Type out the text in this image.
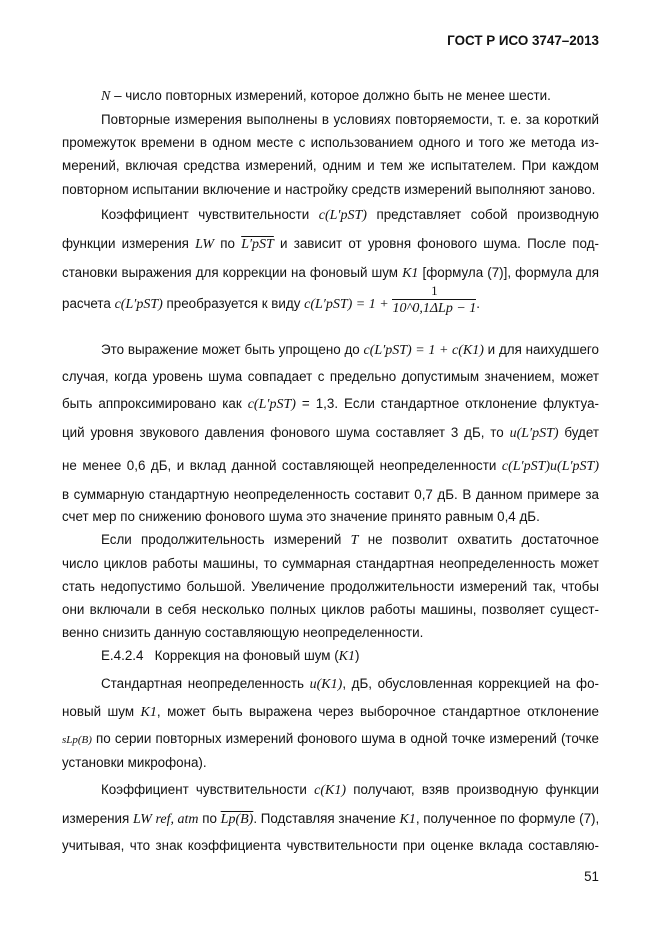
ГОСТ Р ИСО 3747–2013
N – число повторных измерений, которое должно быть не менее шести.
Повторные измерения выполнены в условиях повторяемости, т. е. за короткий
промежуток времени в одном месте с использованием одного и того же метода из-
мерений, включая средства измерений, одним и тем же испытателем. При каждом
повторном испытании включение и настройку средств измерений выполняют заново.
Коэффициент чувствительности c(L′pST) представляет собой производную
функции измерения LW по L′pST и зависит от уровня фонового шума. После под-
становки выражения для коррекции на фоновый шум K1 [формула (7)], формула для
расчета c(L′pST) преобразуется к виду $c(L'pST) = 1 + \frac{1}{\text{10\textasciicircum{}0,1ΔLp − 1}}$ .
Это выражение может быть упрощено до c(L′pST) = 1 + c(K1) и для наихудшего
случая, когда уровень шума совпадает с предельно допустимым значением, может
быть аппроксимировано как c(L′pST) = 1,3. Если стандартное отклонение флуктуа-
ций уровня звукового давления фонового шума составляет 3 дБ, то u(L′pST) будет
не менее 0,6 дБ, и вклад данной составляющей неопределенности c(L′pST)u(L′pST)
в суммарную стандартную неопределенность составит 0,7 дБ. В данном примере за
счет мер по снижению фонового шума это значение принято равным 0,4 дБ.
Если продолжительность измерений T не позволит охватить достаточное
число циклов работы машины, то суммарная стандартная неопределенность может
стать недопустимо большой. Увеличение продолжительности измерений так, чтобы
они включали в себя несколько полных циклов работы машины, позволяет сущест-
венно снизить данную составляющую неопределенности.
Е.4.2.4 Коррекция на фоновый шум (K1)
Стандартная неопределенность u(K1), дБ, обусловленная коррекцией на фо-
новый шум K1, может быть выражена через выборочное стандартное отклонение
sLp(B) по серии повторных измерений фонового шума в одной точке измерений (точке
установки микрофона).
Коэффициент чувствительности c(K1) получают, взяв производную функции
измерения LW ref, atm по Lp(B). Подставляя значение K1, полученное по формуле (7),
учитывая, что знак коэффициента чувствительности при оценке вклада составляю-
51
